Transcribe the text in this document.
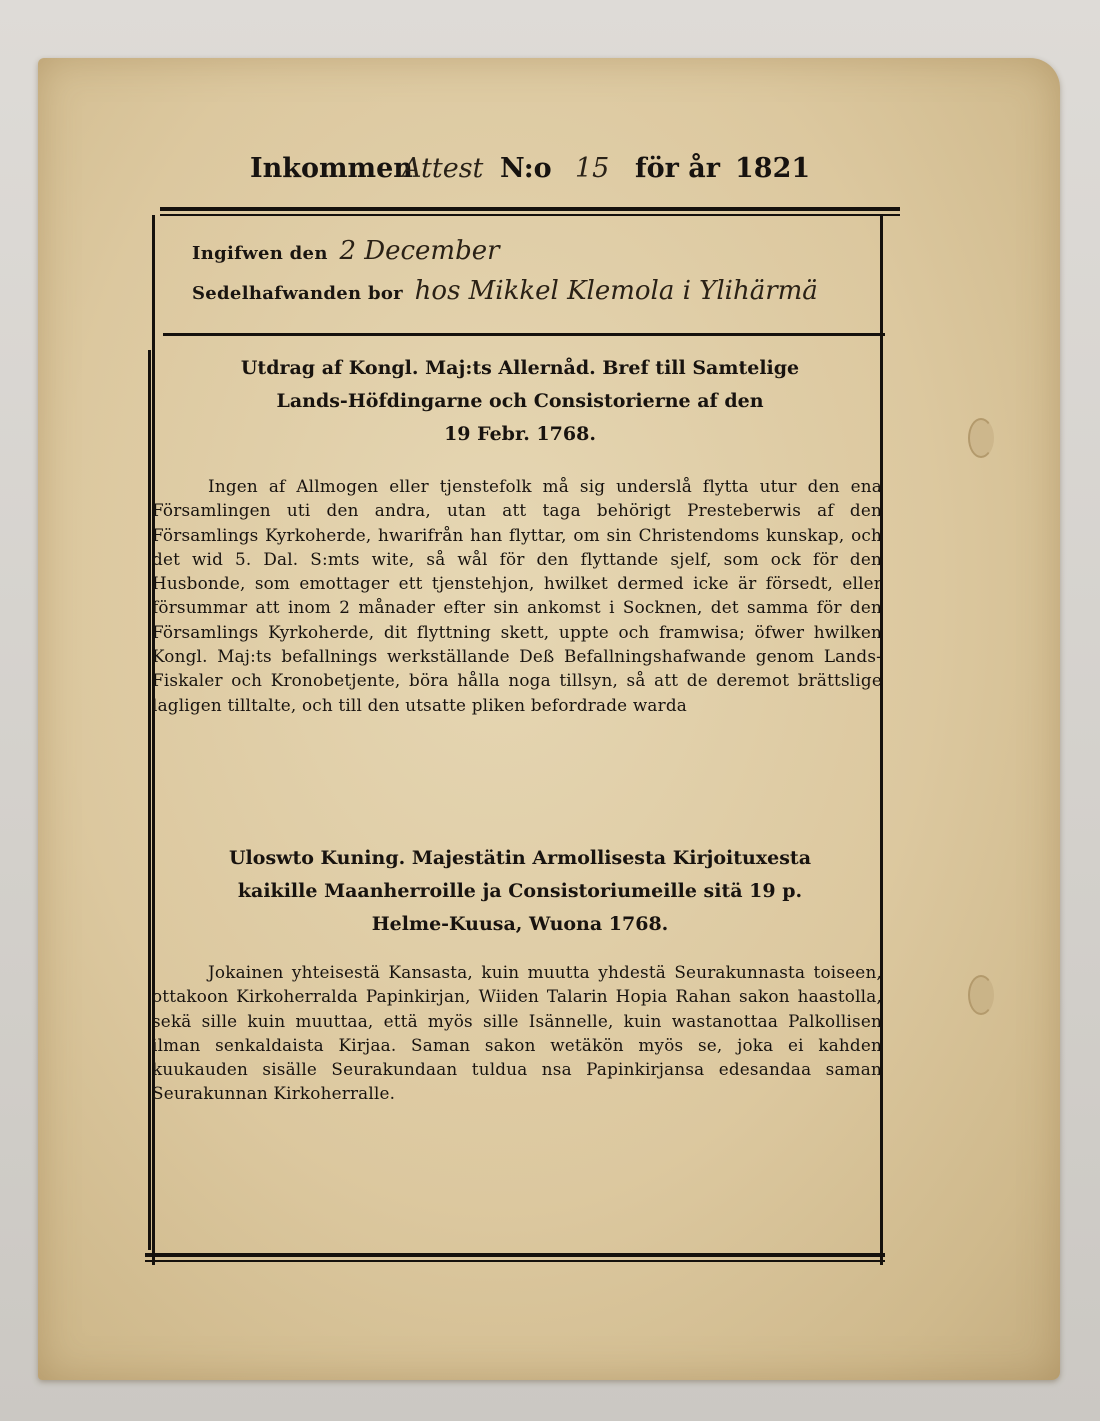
Inkommen
Attest N:o 15 för år 1821
Ingifwen den 2 December
Sedelhafwanden bor hos Mikkel Klemola i Ylihärmä
Utdrag af Kongl. Maj:ts Allernåd. Bref till Samtelige
Lands-Höfdingarne och Consistorierne af den
19 Febr. 1768.
Ingen af Allmogen eller tjenstefolk må sig underslå flytta utur den ena Församlingen uti den andra, utan att taga behörigt Presteberwis af den Församlings Kyrkoherde, hwarifrån han flyttar, om sin Christendoms kunskap, och det wid 5. Dal. S:mts wite, så wål för den flyttande sjelf, som ock för den Husbonde, som emottager ett tjenstehjon, hwilket dermed icke är försedt, eller försummar att inom 2 månader efter sin ankomst i Socknen, det samma för den Församlings Kyrkoherde, dit flyttning skett, uppte och framwisa; öfwer hwilken Kongl. Maj:ts befallnings werkställande Deß Befallningshafwande genom Lands-Fiskaler och Kronobetjente, böra hålla noga tillsyn, så att de deremot brättslige lagligen tilltalte, och till den utsatte pliken befordrade warda
Uloswto Kuning. Majestätin Armollisesta Kirjoituxesta
kaikille Maanherroille ja Consistoriumeille sitä 19 p.
Helme-Kuusa, Wuona 1768.
Jokainen yhteisestä Kansasta, kuin muutta yhdestä Seurakunnasta toiseen, ottakoon Kirkoherralda Papinkirjan, Wiiden Talarin Hopia Rahan sakon haastolla, sekä sille kuin muuttaa, että myös sille Isännelle, kuin wastanottaa Palkollisen ilman senkaldaista Kirjaa. Saman sakon wetäkön myös se, joka ei kahden kuukauden sisälle Seurakundaan tuldua nsa Papinkirjansa edesandaa saman Seurakunnan Kirkoherralle.
